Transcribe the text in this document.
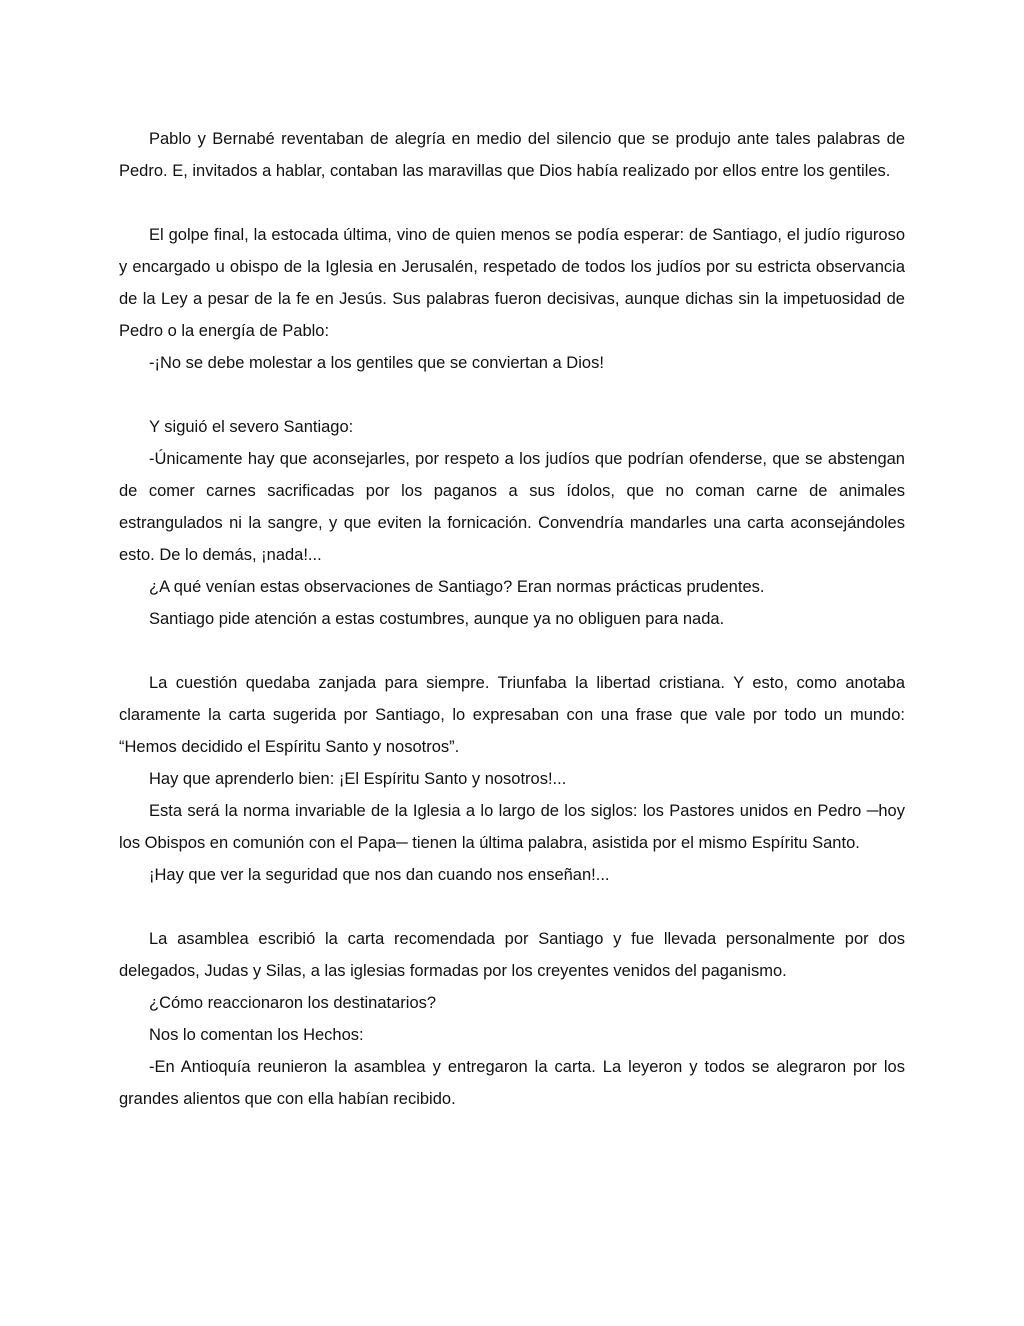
Pablo y Bernabé reventaban de alegría en medio del silencio que se produjo ante tales palabras de Pedro. E, invitados a hablar, contaban las maravillas que Dios había realizado por ellos entre los gentiles.

El golpe final, la estocada última, vino de quien menos se podía esperar: de Santiago, el judío riguroso y encargado u obispo de la Iglesia en Jerusalén, respetado de todos los judíos por su estricta observancia de la Ley a pesar de la fe en Jesús. Sus palabras fueron decisivas, aunque dichas sin la impetuosidad de Pedro o la energía de Pablo:

-¡No se debe molestar a los gentiles que se conviertan a Dios!

Y siguió el severo Santiago:

-Únicamente hay que aconsejarles, por respeto a los judíos que podrían ofenderse, que se abstengan de comer carnes sacrificadas por los paganos a sus ídolos, que no coman carne de animales estrangulados ni la sangre, y que eviten la fornicación. Convendría mandarles una carta aconsejándoles esto. De lo demás, ¡nada!...

¿A qué venían estas observaciones de Santiago? Eran normas prácticas prudentes.

Santiago pide atención a estas costumbres, aunque ya no obliguen para nada.

La cuestión quedaba zanjada para siempre. Triunfaba la libertad cristiana. Y esto, como anotaba claramente la carta sugerida por Santiago, lo expresaban con una frase que vale por todo un mundo: “Hemos decidido el Espíritu Santo y nosotros”.

Hay que aprenderlo bien: ¡El Espíritu Santo y nosotros!...

Esta será la norma invariable de la Iglesia a lo largo de los siglos: los Pastores unidos en Pedro ─hoy los Obispos en comunión con el Papa─ tienen la última palabra, asistida por el mismo Espíritu Santo.

¡Hay que ver la seguridad que nos dan cuando nos enseñan!...

La asamblea escribió la carta recomendada por Santiago y fue llevada personalmente por dos delegados, Judas y Silas, a las iglesias formadas por los creyentes venidos del paganismo.

¿Cómo reaccionaron los destinatarios?

Nos lo comentan los Hechos:

-En Antioquía reunieron la asamblea y entregaron la carta. La leyeron y todos se alegraron por los grandes alientos que con ella habían recibido.
